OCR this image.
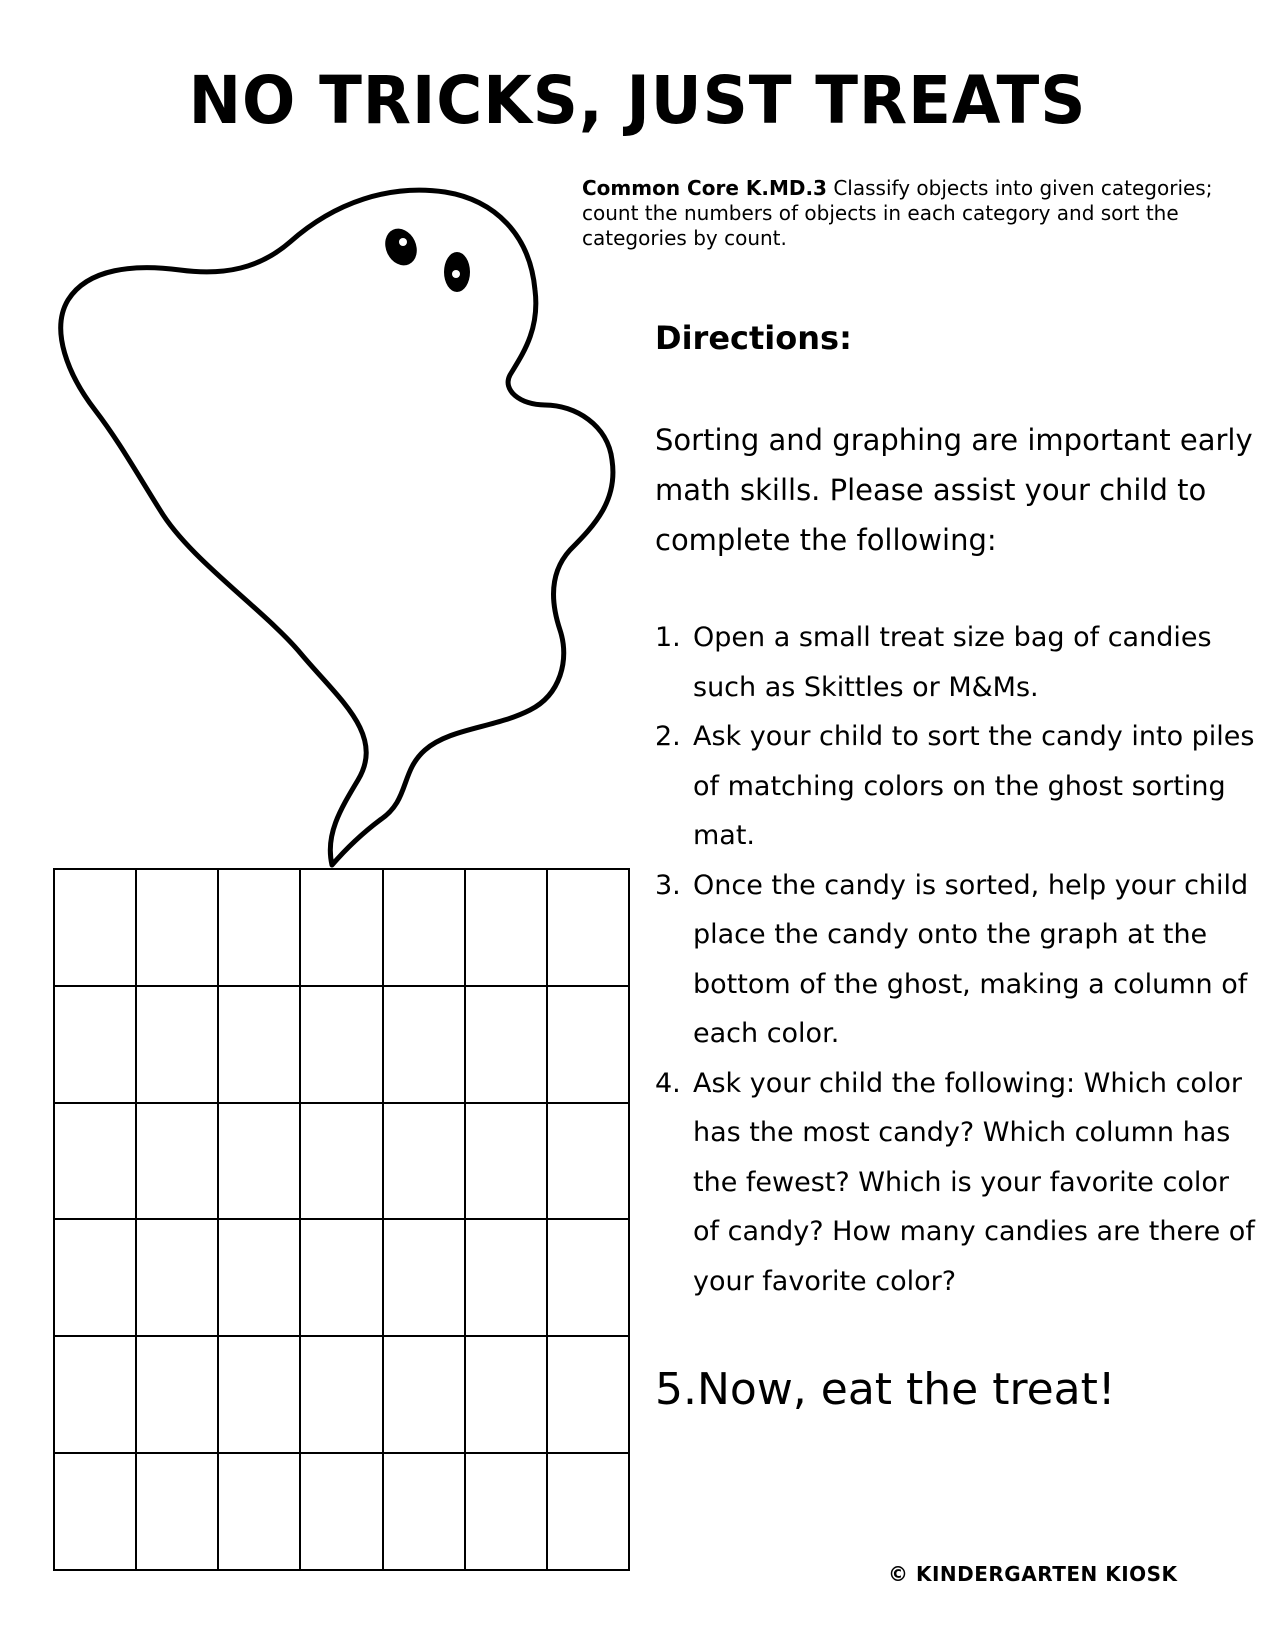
NO TRICKS, JUST TREATS
Common Core K.MD.3 Classify objects into given categories; count the numbers of objects in each category and sort the categories by count.

Directions:
Sorting and graphing are important early math skills. Please assist your child to complete the following:
1. Open a small treat size bag of candies such as Skittles or M&Ms.
2. Ask your child to sort the candy into piles of matching colors on the ghost sorting mat.
3. Once the candy is sorted, help your child place the candy onto the graph at the bottom of the ghost, making a column of each color.
4. Ask your child the following: Which color has the most candy? Which column has the fewest? Which is your favorite color of candy? How many candies are there of your favorite color?
5.Now, eat the treat!
© KINDERGARTEN KIOSK
